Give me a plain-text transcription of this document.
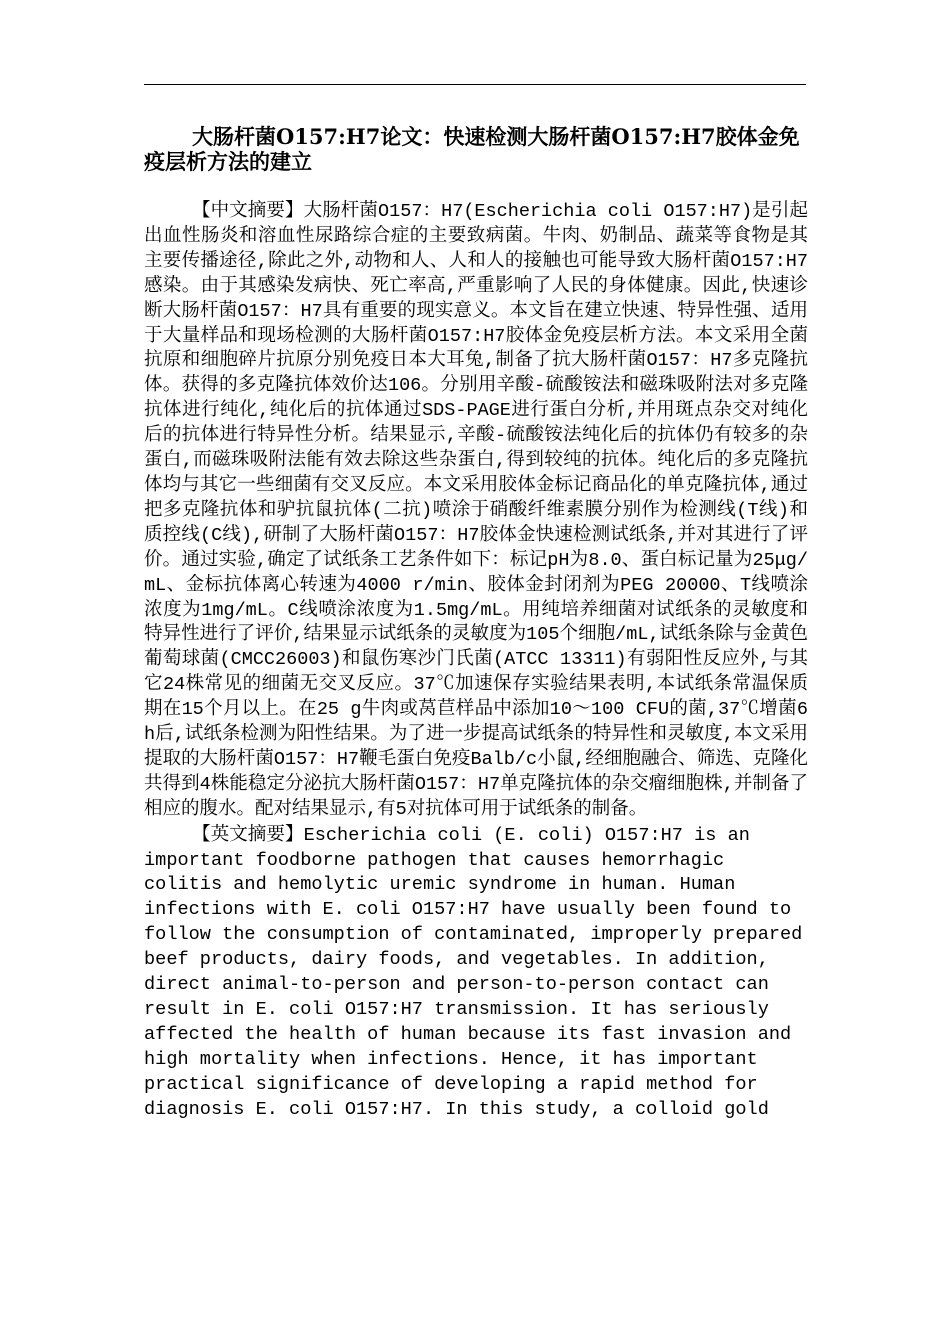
大肠杆菌O157:H7论文：快速检测大肠杆菌O157:H7胶体金免疫层析方法的建立

【中文摘要】大肠杆菌O157：H7(Escherichia coli O157:H7)是引起出血性肠炎和溶血性尿路综合症的主要致病菌。牛肉、奶制品、蔬菜等食物是其主要传播途径,除此之外,动物和人、人和人的接触也可能导致大肠杆菌O157:H7感染。由于其感染发病快、死亡率高,严重影响了人民的身体健康。因此,快速诊断大肠杆菌O157：H7具有重要的现实意义。本文旨在建立快速、特异性强、适用于大量样品和现场检测的大肠杆菌O157:H7胶体金免疫层析方法。本文采用全菌抗原和细胞碎片抗原分别免疫日本大耳兔,制备了抗大肠杆菌O157：H7多克隆抗体。获得的多克隆抗体效价达106。分别用辛酸-硫酸铵法和磁珠吸附法对多克隆抗体进行纯化,纯化后的抗体通过SDS-PAGE进行蛋白分析,并用斑点杂交对纯化后的抗体进行特异性分析。结果显示,辛酸-硫酸铵法纯化后的抗体仍有较多的杂蛋白,而磁珠吸附法能有效去除这些杂蛋白,得到较纯的抗体。纯化后的多克隆抗体均与其它一些细菌有交叉反应。本文采用胶体金标记商品化的单克隆抗体,通过把多克隆抗体和驴抗鼠抗体(二抗)喷涂于硝酸纤维素膜分别作为检测线(T线)和质控线(C线),研制了大肠杆菌O157：H7胶体金快速检测试纸条,并对其进行了评价。通过实验,确定了试纸条工艺条件如下：标记pH为8.0、蛋白标记量为25μg/mL、金标抗体离心转速为4000 r/min、胶体金封闭剂为PEG 20000、T线喷涂浓度为1mg/mL。C线喷涂浓度为1.5mg/mL。用纯培养细菌对试纸条的灵敏度和特异性进行了评价,结果显示试纸条的灵敏度为105个细胞/mL,试纸条除与金黄色葡萄球菌(CMCC26003)和鼠伤寒沙门氏菌(ATCC 13311)有弱阳性反应外,与其它24株常见的细菌无交叉反应。37℃加速保存实验结果表明,本试纸条常温保质期在15个月以上。在25 g牛肉或莴苣样品中添加10～100 CFU的菌,37℃增菌6h后,试纸条检测为阳性结果。为了进一步提高试纸条的特异性和灵敏度,本文采用提取的大肠杆菌O157：H7鞭毛蛋白免疫Balb/c小鼠,经细胞融合、筛选、克隆化共得到4株能稳定分泌抗大肠杆菌O157：H7单克隆抗体的杂交瘤细胞株,并制备了相应的腹水。配对结果显示,有5对抗体可用于试纸条的制备。

【英文摘要】Escherichia coli (E. coli) O157:H7 is an important foodborne pathogen that causes hemorrhagic colitis and hemolytic uremic syndrome in human. Human infections with E. coli O157:H7 have usually been found to follow the consumption of contaminated, improperly prepared beef products, dairy foods, and vegetables. In addition, direct animal-to-person and person-to-person contact can result in E. coli O157:H7 transmission. It has seriously affected the health of human because its fast invasion and high mortality when infections. Hence, it has important practical significance of developing a rapid method for diagnosis E. coli O157:H7. In this study, a colloid gold
